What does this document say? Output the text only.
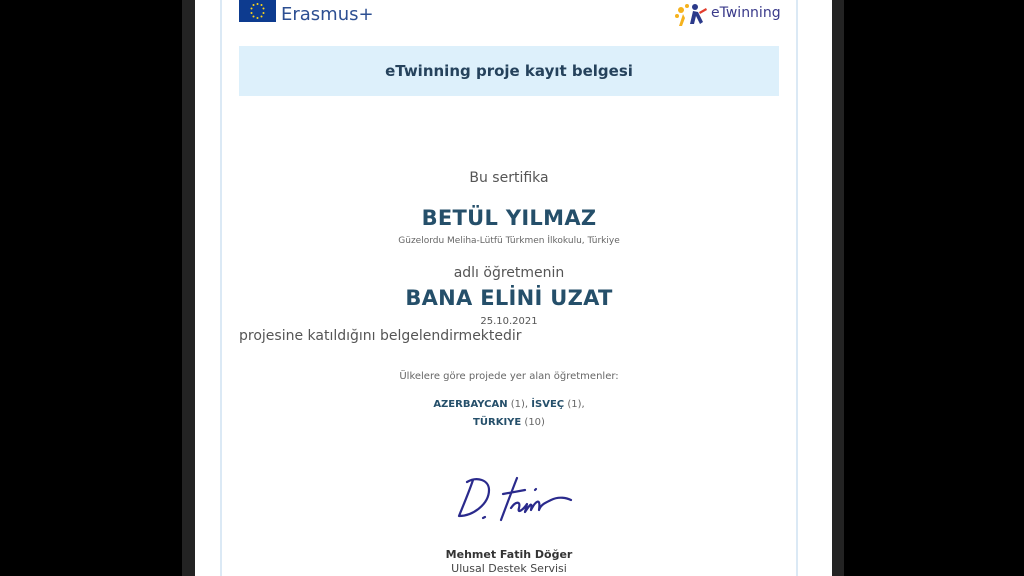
Erasmus+	eTwinning
eTwinning proje kayıt belgesi
Bu sertifika
BETÜL YILMAZ
Güzelordu Meliha-Lütfü Türkmen İlkokulu, Türkiye
adlı öğretmenin
BANA ELİNİ UZAT
25.10.2021
projesine katıldığını belgelendirmektedir
Ülkelere göre projede yer alan öğretmenler:
AZERBAYCAN (1), İSVEÇ (1),
TÜRKIYE (10)
Mehmet Fatih Döğer
Ulusal Destek Servisi
